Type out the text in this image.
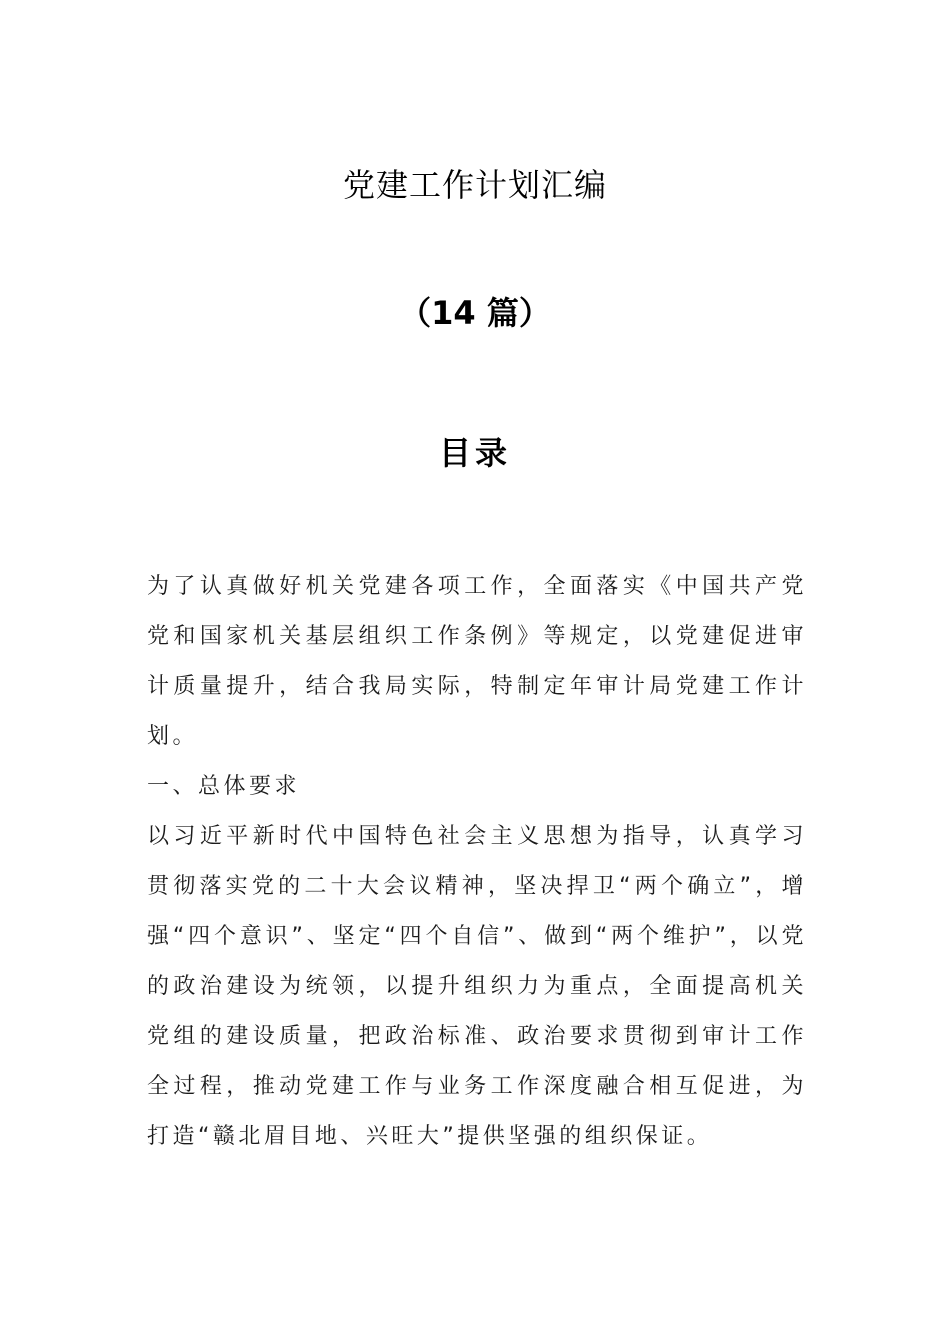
党建工作计划汇编
（14 篇）
目录

为了认真做好机关党建各项工作，全面落实《中国共产党党和国家机关基层组织工作条例》等规定，以党建促进审计质量提升，结合我局实际，特制定年审计局党建工作计划。

一、总体要求

以习近平新时代中国特色社会主义思想为指导，认真学习贯彻落实党的二十大会议精神，坚决捍卫“两个确立”，增强“四个意识”、坚定“四个自信”、做到“两个维护”，以党的政治建设为统领，以提升组织力为重点，全面提高机关党组的建设质量，把政治标准、政治要求贯彻到审计工作全过程，推动党建工作与业务工作深度融合相互促进，为打造“赣北眉目地、兴旺大”提供坚强的组织保证。
